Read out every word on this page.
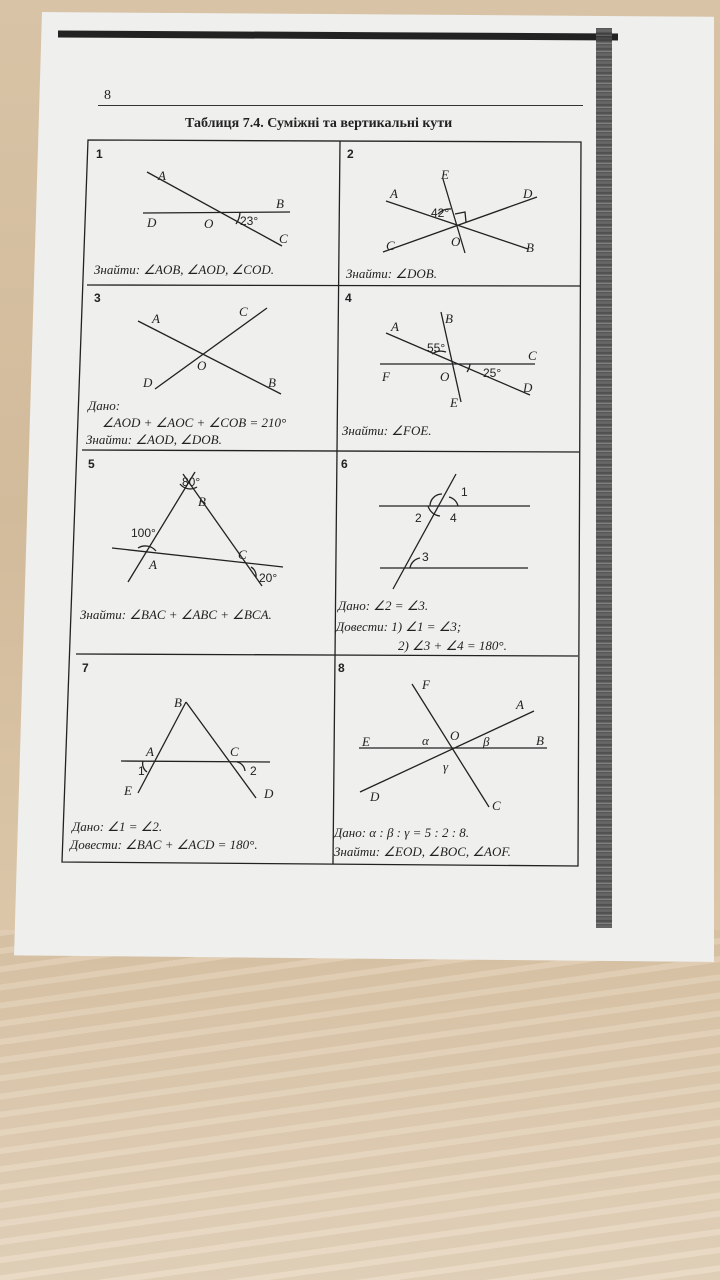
8
Таблиця 7.4. Суміжні та вертикальні кути
1	2
3	4
5	6
7	8
A
B
D	O
C
23°
E
A	D
C	O	B
42°
A	C
O
D	B
A
B
C
F	O
D
E
55°
25°
B
A
C
80°
100°
20°
1
2 4
3
B
A	C
1	2
E	D
F
A
E	α O β	B
γ
D
C
Знайти: ∠AOB, ∠AOD, ∠COD.	Знайти: ∠DOB.
Дано:
∠AOD + ∠AOC + ∠COB = 210°
Знайти: ∠AOD, ∠DOB.
Знайти: ∠FOE.
Знайти: ∠BAC + ∠ABC + ∠BCA.
Дано: ∠2 = ∠3.
Довести: 1) ∠1 = ∠3;
2) ∠3 + ∠4 = 180°.
Дано: ∠1 = ∠2.
Довести: ∠BAC + ∠ACD = 180°.
Дано: α : β : γ = 5 : 2 : 8.
Знайти: ∠EOD, ∠BOC, ∠AOF.
